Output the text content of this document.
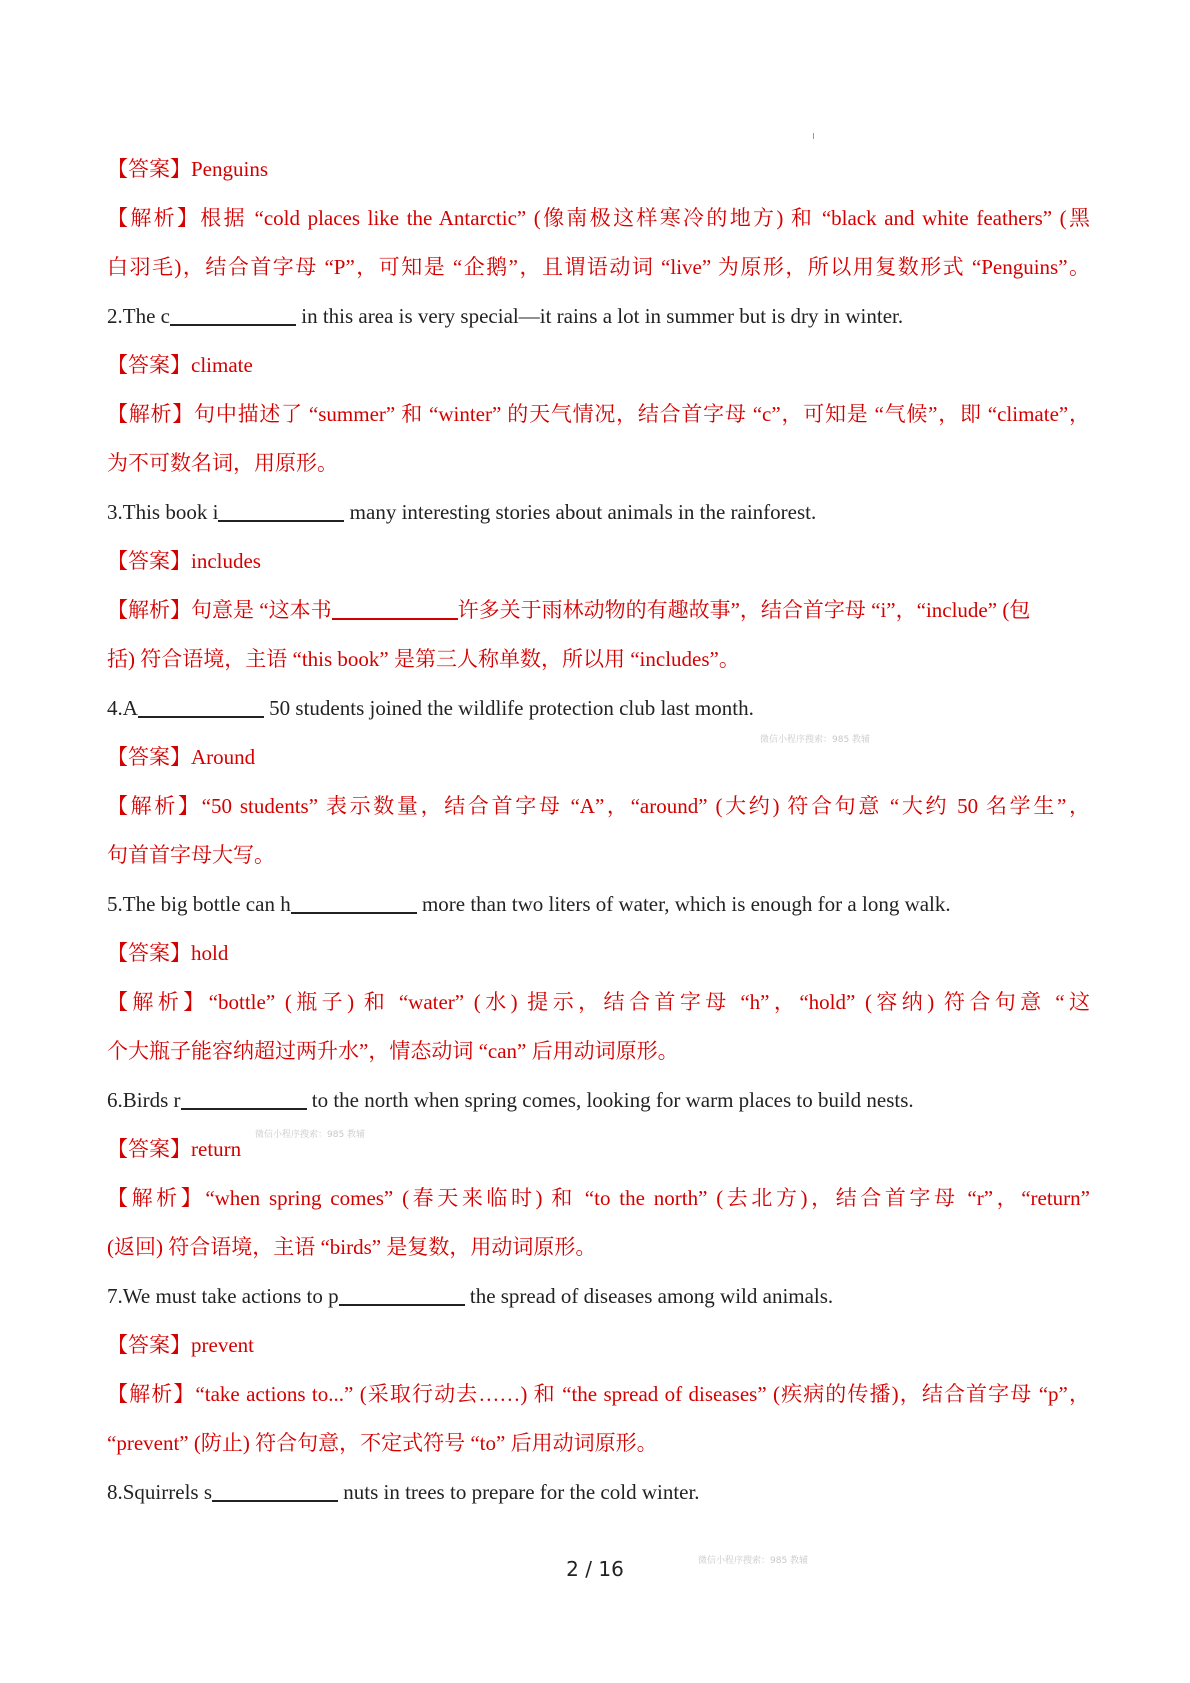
【答案】Penguins
【解析】根据 “cold places like the Antarctic” (像南极这样寒冷的地方) 和 “black and white feathers” (黑
白羽毛)，结合首字母 “P”，可知是 “企鹅”，且谓语动词 “live” 为原形，所以用复数形式 “Penguins”。
2.The c	in this area is very special—it rains a lot in summer but is dry in winter.
【答案】climate
【解析】句中描述了 “summer” 和 “winter” 的天气情况，结合首字母 “c”，可知是 “气候”，即 “climate”，
为不可数名词，用原形。
3.This book i	many interesting stories about animals in the rainforest.
【答案】includes
【解析】句意是 “这本书	许多关于雨林动物的有趣故事”，结合首字母 “i”，“include” (包
括) 符合语境，主语 “this book” 是第三人称单数，所以用 “includes”。
4.A	50 students joined the wildlife protection club last month.
【答案】Around
【解析】“50 students” 表示数量，结合首字母 “A”，“around” (大约) 符合句意 “大约 50 名学生”，
句首首字母大写。
5.The big bottle can h	more than two liters of water, which is enough for a long walk.
【答案】hold
【解析】“bottle” (瓶子) 和 “water” (水) 提示，结合首字母 “h”，“hold” (容纳) 符合句意 “这
个大瓶子能容纳超过两升水”，情态动词 “can” 后用动词原形。
6.Birds r	to the north when spring comes, looking for warm places to build nests.
【答案】return
【解析】“when spring comes” (春天来临时) 和 “to the north” (去北方)，结合首字母 “r”，“return”
(返回) 符合语境，主语 “birds” 是复数，用动词原形。
7.We must take actions to p	the spread of diseases among wild animals.
【答案】prevent
【解析】“take actions to...” (采取行动去……) 和 “the spread of diseases” (疾病的传播)，结合首字母 “p”，
“prevent” (防止) 符合句意，不定式符号 “to” 后用动词原形。
8.Squirrels s	nuts in trees to prepare for the cold winter.
微信小程序搜索：985 教辅
微信小程序搜索：985 教辅
微信小程序搜索：985 教辅
2 / 16
